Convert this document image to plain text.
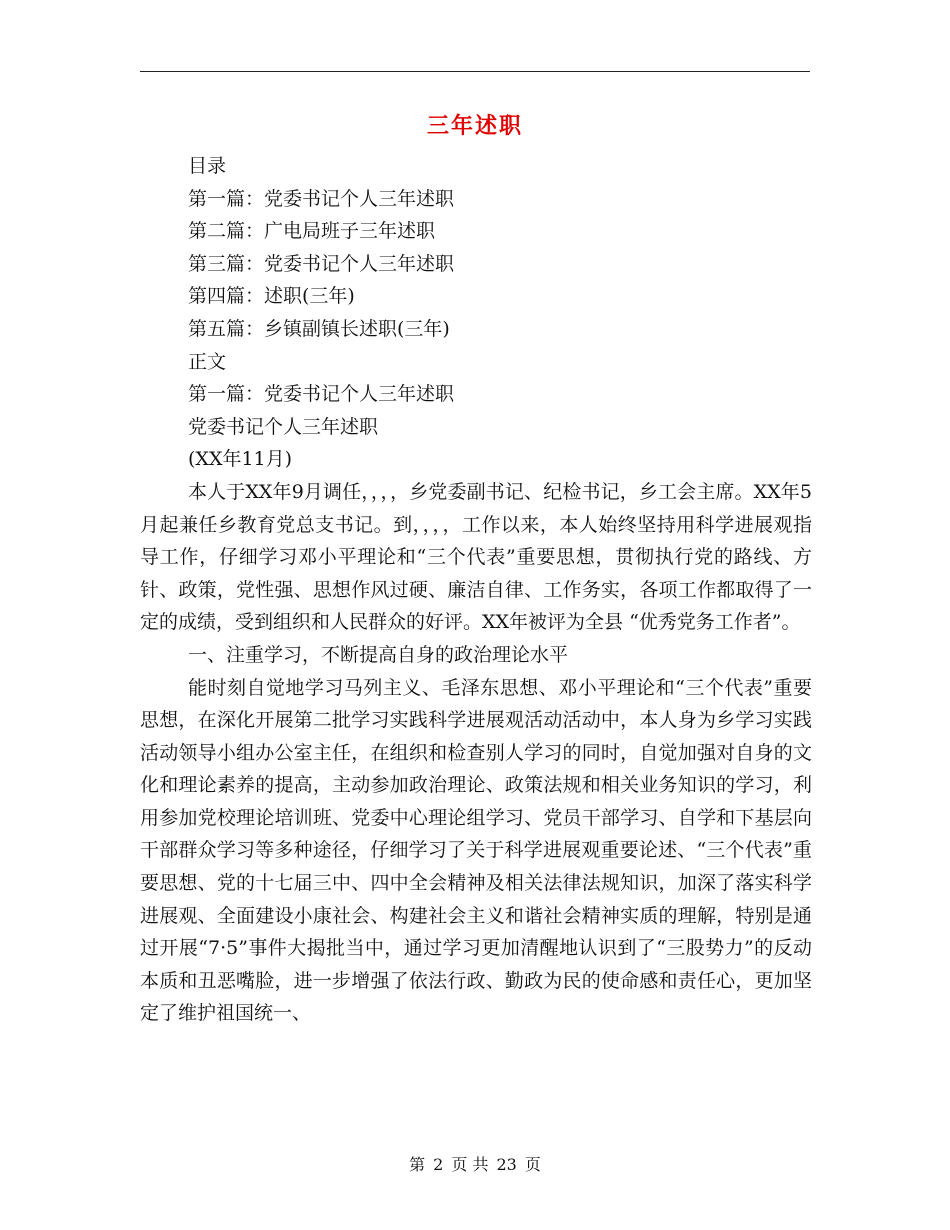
三年述职
目录
第一篇：党委书记个人三年述职
第二篇：广电局班子三年述职
第三篇：党委书记个人三年述职
第四篇：述职(三年)
第五篇：乡镇副镇长述职(三年)
正文
第一篇：党委书记个人三年述职
党委书记个人三年述职
(XX年11月)

本人于XX年9月调任，，，，乡党委副书记、纪检书记，乡工会主席。XX年5月起兼任乡教育党总支书记。到，，，，工作以来，本人始终坚持用科学进展观指导工作，仔细学习邓小平理论和“三个代表”重要思想，贯彻执行党的路线、方针、政策，党性强、思想作风过硬、廉洁自律、工作务实，各项工作都取得了一定的成绩，受到组织和人民群众的好评。XX年被评为全县 “优秀党务工作者”。

一、注重学习，不断提高自身的政治理论水平

能时刻自觉地学习马列主义、毛泽东思想、邓小平理论和“三个代表”重要思想，在深化开展第二批学习实践科学进展观活动活动中，本人身为乡学习实践活动领导小组办公室主任，在组织和检查别人学习的同时，自觉加强对自身的文化和理论素养的提高，主动参加政治理论、政策法规和相关业务知识的学习，利用参加党校理论培训班、党委中心理论组学习、党员干部学习、自学和下基层向干部群众学习等多种途径，仔细学习了关于科学进展观重要论述、“三个代表”重要思想、党的十七届三中、四中全会精神及相关法律法规知识，加深了落实科学进展观、全面建设小康社会、构建社会主义和谐社会精神实质的理解，特别是通过开展“7·5”事件大揭批当中，通过学习更加清醒地认识到了“三股势力”的反动本质和丑恶嘴脸，进一步增强了依法行政、勤政为民的使命感和责任心，更加坚定了维护祖国统一、

第 2 页 共 23 页
